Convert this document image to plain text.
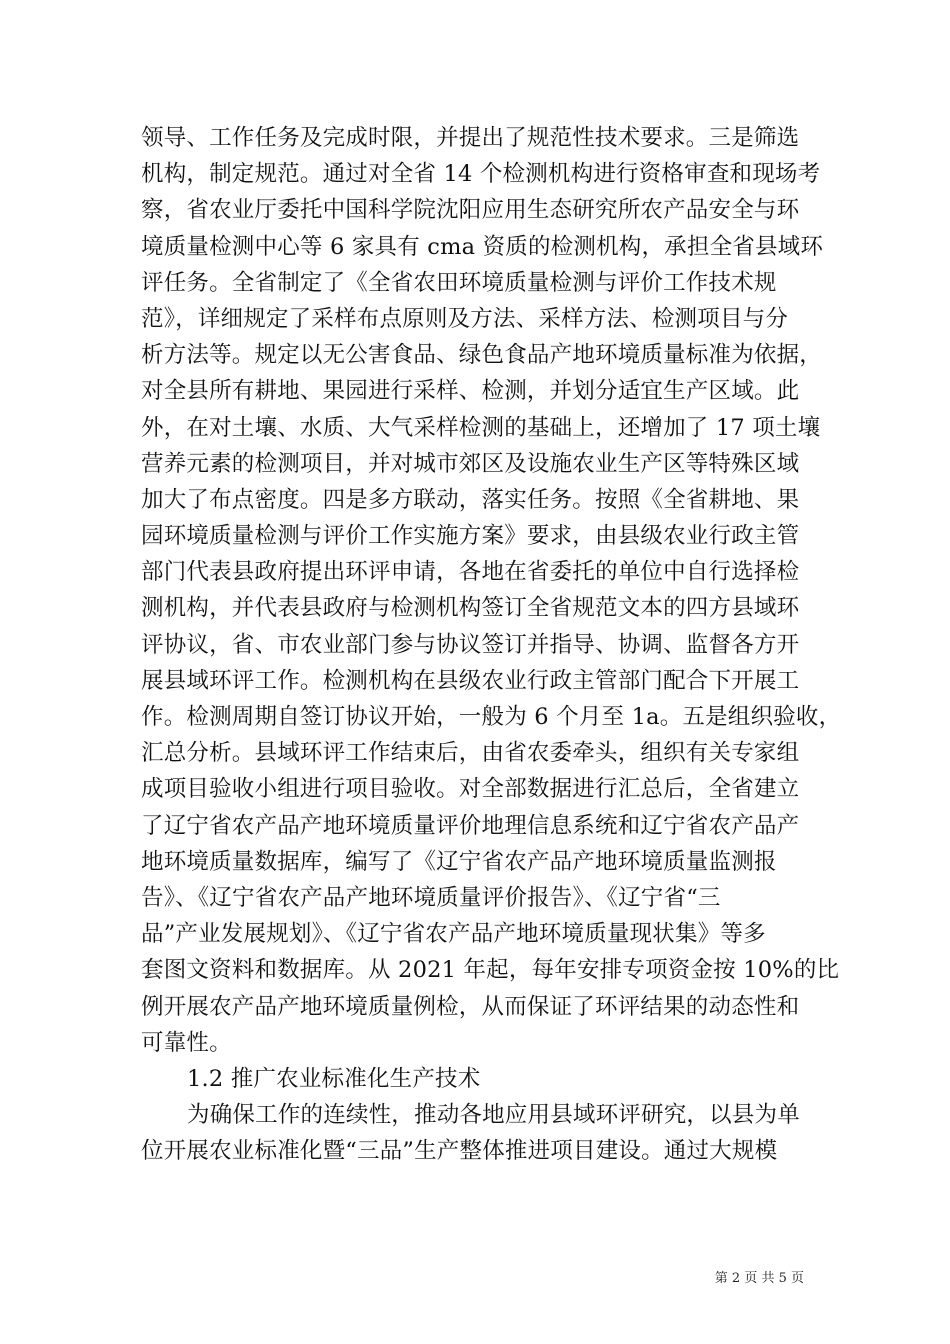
领导、工作任务及完成时限，并提出了规范性技术要求。三是筛选
机构，制定规范。通过对全省 14 个检测机构进行资格审查和现场考
察，省农业厅委托中国科学院沈阳应用生态研究所农产品安全与环
境质量检测中心等 6 家具有 cma 资质的检测机构，承担全省县域环
评任务。全省制定了《全省农田环境质量检测与评价工作技术规
范》，详细规定了采样布点原则及方法、采样方法、检测项目与分
析方法等。规定以无公害食品、绿色食品产地环境质量标准为依据，
对全县所有耕地、果园进行采样、检测，并划分适宜生产区域。此
外，在对土壤、水质、大气采样检测的基础上，还增加了 17 项土壤
营养元素的检测项目，并对城市郊区及设施农业生产区等特殊区域
加大了布点密度。四是多方联动，落实任务。按照《全省耕地、果
园环境质量检测与评价工作实施方案》要求，由县级农业行政主管
部门代表县政府提出环评申请，各地在省委托的单位中自行选择检
测机构，并代表县政府与检测机构签订全省规范文本的四方县域环
评协议，省、市农业部门参与协议签订并指导、协调、监督各方开
展县域环评工作。检测机构在县级农业行政主管部门配合下开展工
作。检测周期自签订协议开始，一般为 6 个月至 1a。五是组织验收，
汇总分析。县域环评工作结束后，由省农委牵头，组织有关专家组
成项目验收小组进行项目验收。对全部数据进行汇总后，全省建立
了辽宁省农产品产地环境质量评价地理信息系统和辽宁省农产品产
地环境质量数据库，编写了《辽宁省农产品产地环境质量监测报
告》、《辽宁省农产品产地环境质量评价报告》、《辽宁省“三
品”产业发展规划》、《辽宁省农产品产地环境质量现状集》等多
套图文资料和数据库。从 2021 年起，每年安排专项资金按 10%的比
例开展农产品产地环境质量例检，从而保证了环评结果的动态性和
可靠性。
1.2 推广农业标准化生产技术
为确保工作的连续性，推动各地应用县域环评研究，以县为单
位开展农业标准化暨“三品”生产整体推进项目建设。通过大规模
第 2 页 共 5 页
